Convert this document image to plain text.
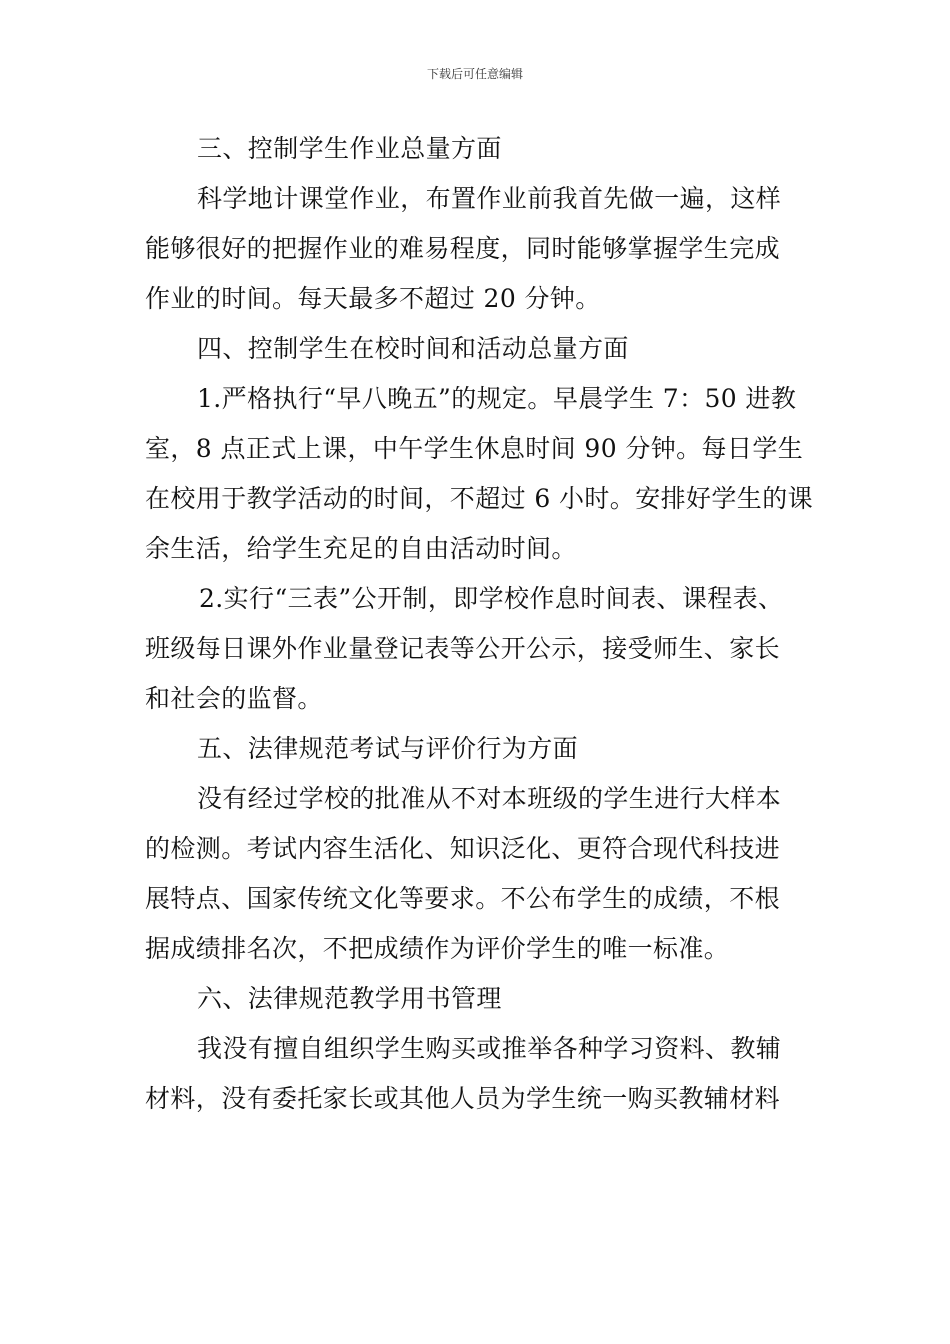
下载后可任意编辑
三、控制学生作业总量方面
科学地计课堂作业，布置作业前我首先做一遍，这样
能够很好的把握作业的难易程度，同时能够掌握学生完成
作业的时间。每天最多不超过 20 分钟。
四、控制学生在校时间和活动总量方面
1.严格执行“早八晚五”的规定。早晨学生 7：50 进教
室，8 点正式上课，中午学生休息时间 90 分钟。每日学生
在校用于教学活动的时间，不超过 6 小时。安排好学生的课
余生活，给学生充足的自由活动时间。
2.实行“三表”公开制，即学校作息时间表、课程表、
班级每日课外作业量登记表等公开公示，接受师生、家长
和社会的监督。
五、法律规范考试与评价行为方面
没有经过学校的批准从不对本班级的学生进行大样本
的检测。考试内容生活化、知识泛化、更符合现代科技进
展特点、国家传统文化等要求。不公布学生的成绩，不根
据成绩排名次，不把成绩作为评价学生的唯一标准。
六、法律规范教学用书管理
我没有擅自组织学生购买或推举各种学习资料、教辅
材料，没有委托家长或其他人员为学生统一购买教辅材料
